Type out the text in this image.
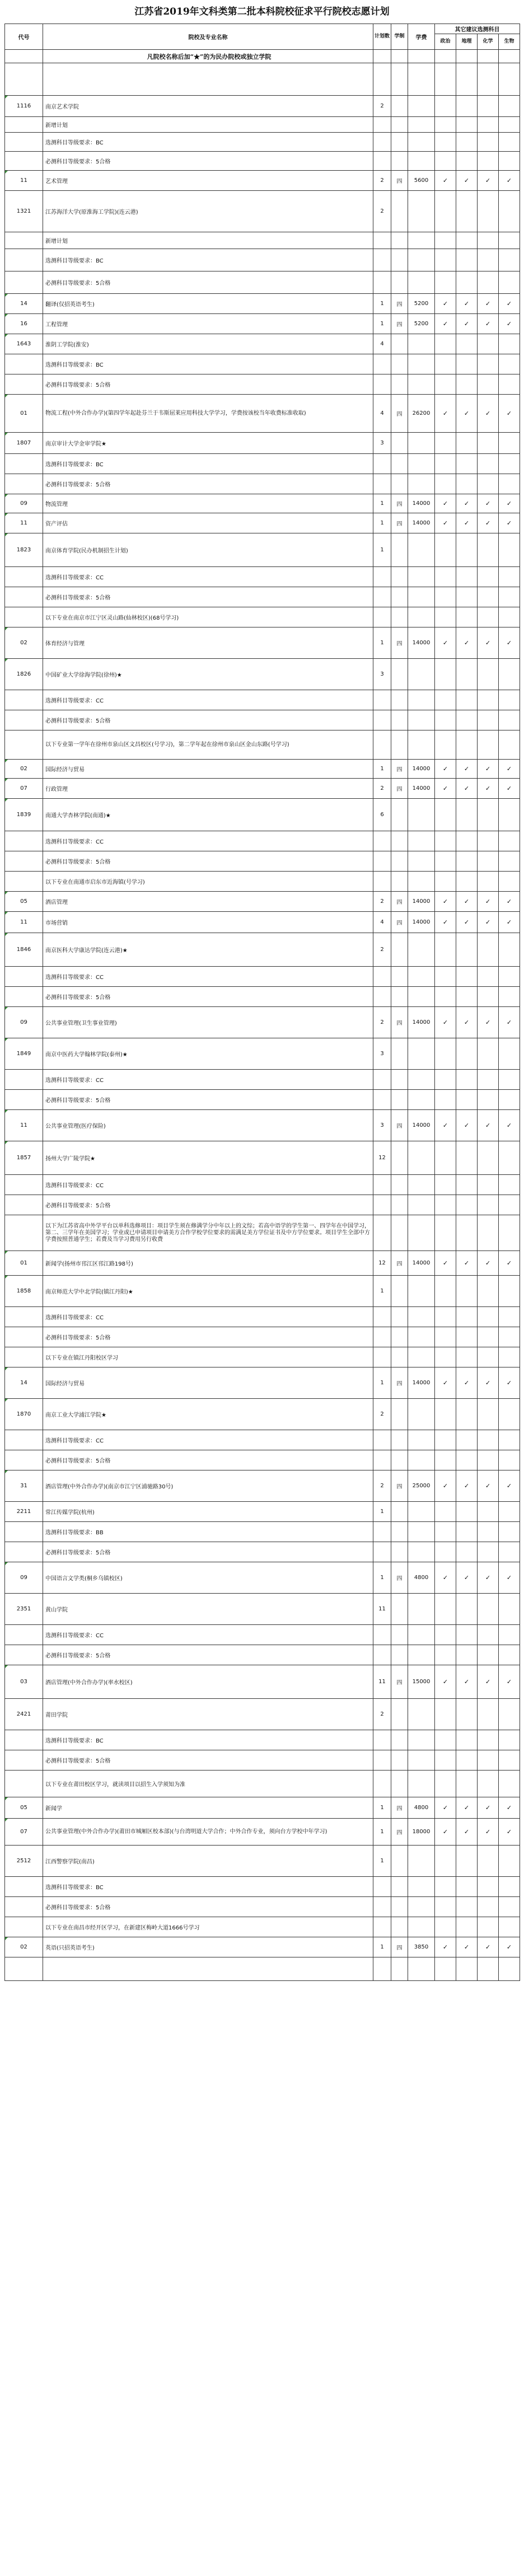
江苏省2019年文科类第二批本科院校征求平行院校志愿计划
代号	院校及专业名称	计划数	学制	学费	其它建议选测科目			
					政治	地理	化学	生物
	凡院校名称后加“★”的为民办院校或独立学院							

1116	南京艺术学院	2						
	新增计划							
	选测科目等级要求：BC							
	必测科目等级要求：5合格							
11	艺术管理	2	四	5600	✓	✓	✓	✓
1321	江苏海洋大学(原淮海工学院)(连云港)	2						
	新增计划							
	选测科目等级要求：BC							
	必测科目等级要求：5合格							
14	翻译(仅招英语考生)	1	四	5200	✓	✓	✓	✓
16	工程管理	1	四	5200	✓	✓	✓	✓
1643	淮阴工学院(淮安)	4						
	选测科目等级要求：BC							
	必测科目等级要求：5合格							
01	物流工程(中外合作办学)(第四学年起赴芬兰于韦斯屈莱应用科技大学学习，学费按该校当年收费标准收取)	4	四	26200	✓	✓	✓	✓
1807	南京审计大学金审学院★	3						
	选测科目等级要求：BC							
	必测科目等级要求：5合格							
09	物流管理	1	四	14000	✓	✓	✓	✓
11	资产评估	1	四	14000	✓	✓	✓	✓
1823	南京体育学院(民办机制招生计划)	1						
	选测科目等级要求：CC							
	必测科目等级要求：5合格							
	以下专业在南京市江宁区灵山路(仙林校区)(68号学习)							
02	体育经济与管理	1	四	14000	✓	✓	✓	✓
1826	中国矿业大学徐海学院(徐州)★	3						
	选测科目等级要求：CC							
	必测科目等级要求：5合格							
	以下专业第一学年在徐州市泉山区文昌校区(号学习)，第二学年起在徐州市泉山区金山东路(号学习)							
02	国际经济与贸易	1	四	14000	✓	✓	✓	✓
07	行政管理	2	四	14000	✓	✓	✓	✓
1839	南通大学杏林学院(南通)★	6						
	选测科目等级要求：CC							
	必测科目等级要求：5合格							
	以下专业在南通市启东市近海镇(号学习)							
05	酒店管理	2	四	14000	✓	✓	✓	✓
11	市场营销	4	四	14000	✓	✓	✓	✓
1846	南京医科大学康达学院(连云港)★	2						
	选测科目等级要求：CC							
	必测科目等级要求：5合格							
09	公共事业管理(卫生事业管理)	2	四	14000	✓	✓	✓	✓
1849	南京中医药大学翰林学院(泰州)★	3						
	选测科目等级要求：CC							
	必测科目等级要求：5合格							
11	公共事业管理(医疗保险)	3	四	14000	✓	✓	✓	✓
1857	扬州大学广陵学院★	12						
	选测科目等级要求：CC							
	必测科目等级要求：5合格							
	以下为江苏省高中外学平台以单科选修项目：项目学生须在修满学分中年以上的文综；若高中语学的学生第一、四学年在中国学习，第二、三学年在美国学习；学业或已申请项目申请美方合作学校学位要求的需满足美方学位证书及中方学位要求。项目学生全部中方学费按照普通学生；若费及当学习费用另行收费							
01	新闻学(扬州市邗江区邗江路198号)	12	四	14000	✓	✓	✓	✓
1858	南京师范大学中北学院(镇江丹阳)★	1						
	选测科目等级要求：CC							
	必测科目等级要求：5合格							
	以下专业在镇江丹阳校区学习							
14	国际经济与贸易	1	四	14000	✓	✓	✓	✓
1870	南京工业大学浦江学院★	2						
	选测科目等级要求：CC							
	必测科目等级要求：5合格							
31	酒店管理(中外合作办学)(南京市江宁区浦驰路30号)	2	四	25000	✓	✓	✓	✓
2211	常江传媒学院(杭州)	1						
	选测科目等级要求：BB							
	必测科目等级要求：5合格							
09	中国语言文学类(桐乡乌镇校区)	1	四	4800	✓	✓	✓	✓
2351	黄山学院	11						
	选测科目等级要求：CC							
	必测科目等级要求：5合格							
03	酒店管理(中外合作办学)(率水校区)	11	四	15000	✓	✓	✓	✓
2421	莆田学院	2						
	选测科目等级要求：BC							
	必测科目等级要求：5合格							
	以下专业在莆田校区学习，就读项目以招生入学须知为准							
05	新闻学	1	四	4800	✓	✓	✓	✓
07	公共事业管理(中外合作办学)(莆田市城厢区校本部)(与台湾明道大学合作；中外合作专业，须向台方学校中年学习)	1	四	18000	✓	✓	✓	✓
2512	江西警察学院(南昌)	1						
	选测科目等级要求：BC							
	必测科目等级要求：5合格							
	以下专业在南昌市经开区学习，在新建区梅岭大道1666号学习							
02	英语(只招英语考生)	1	四	3850	✓	✓	✓	✓
